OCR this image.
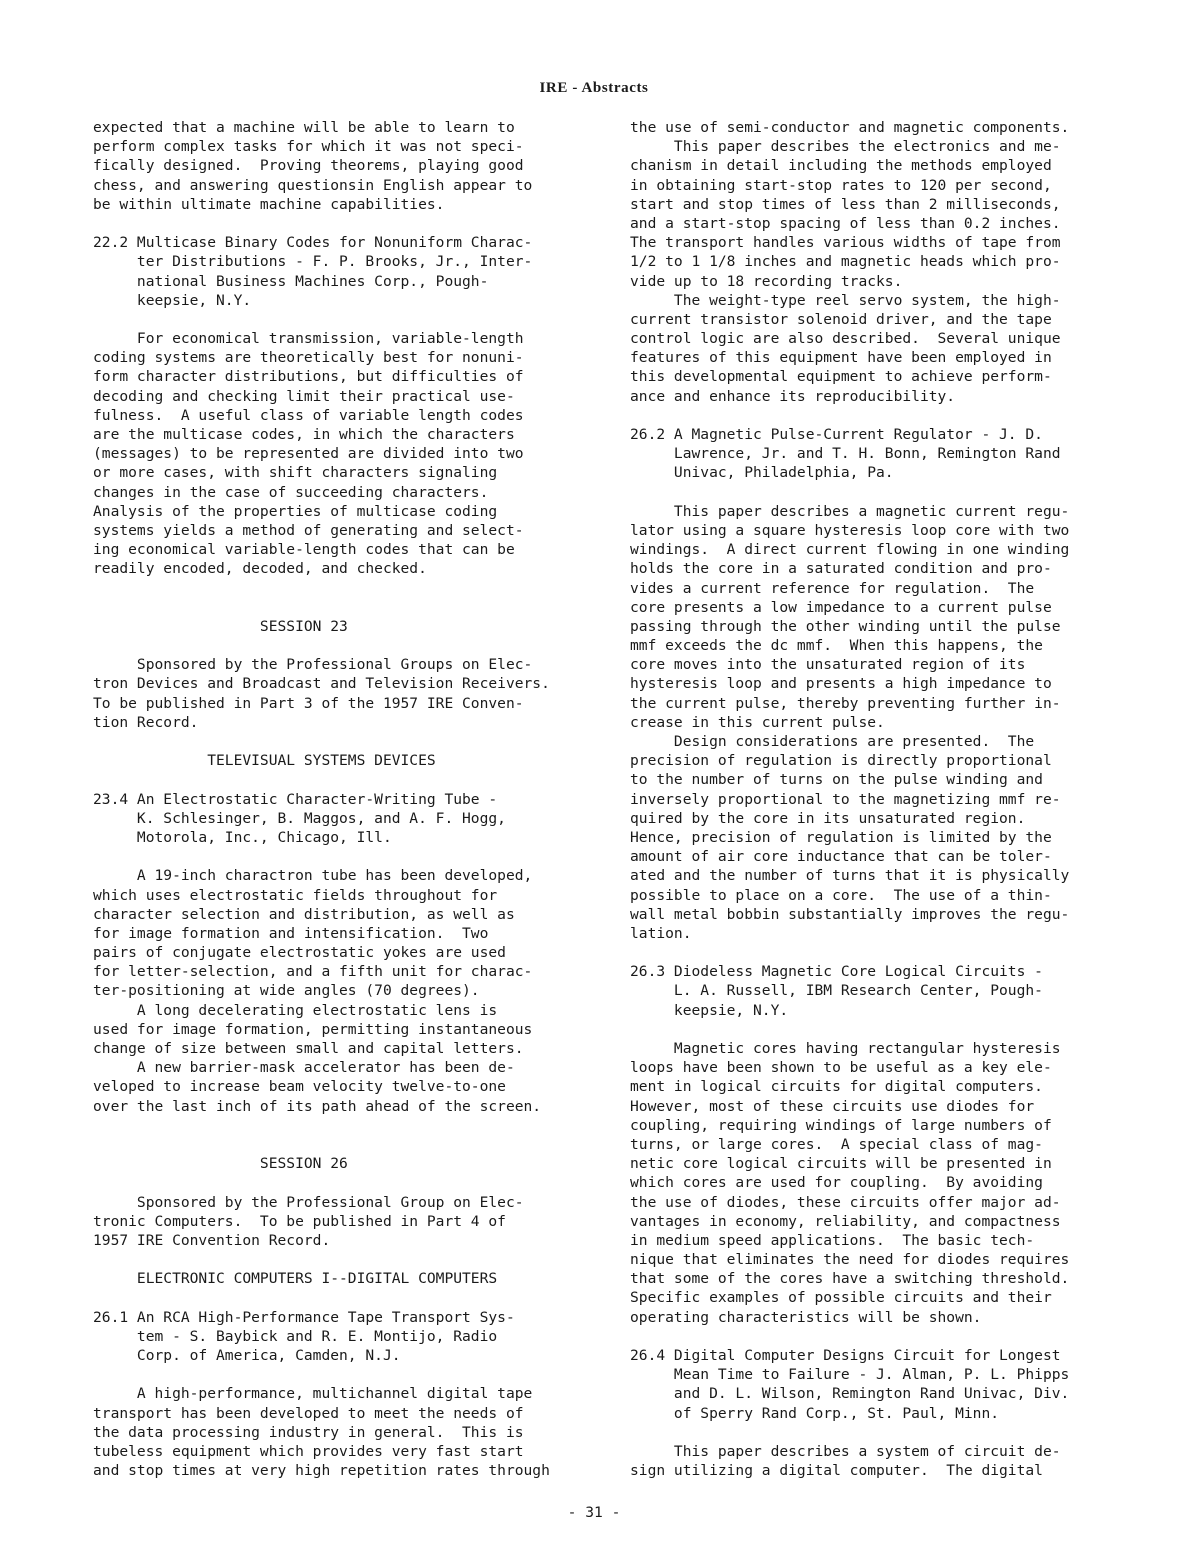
IRE - Abstracts
expected that a machine will be able to learn to
perform complex tasks for which it was not speci-
fically designed.  Proving theorems, playing good
chess, and answering questionsin English appear to
be within ultimate machine capabilities.
22.2 Multicase Binary Codes for Nonuniform Charac-
ter Distributions - F. P. Brooks, Jr., Inter-
national Business Machines Corp., Pough-
keepsie, N.Y.
For economical transmission, variable-length
coding systems are theoretically best for nonuni-
form character distributions, but difficulties of
decoding and checking limit their practical use-
fulness.  A useful class of variable length codes
are the multicase codes, in which the characters
(messages) to be represented are divided into two
or more cases, with shift characters signaling
changes in the case of succeeding characters.
Analysis of the properties of multicase coding
systems yields a method of generating and select-
ing economical variable-length codes that can be
readily encoded, decoded, and checked.
SESSION 23
Sponsored by the Professional Groups on Elec-
tron Devices and Broadcast and Television Receivers.
To be published in Part 3 of the 1957 IRE Conven-
tion Record.
TELEVISUAL SYSTEMS DEVICES
23.4 An Electrostatic Character-Writing Tube -
K. Schlesinger, B. Maggos, and A. F. Hogg,
Motorola, Inc., Chicago, Ill.
A 19-inch charactron tube has been developed,
which uses electrostatic fields throughout for
character selection and distribution, as well as
for image formation and intensification.  Two
pairs of conjugate electrostatic yokes are used
for letter-selection, and a fifth unit for charac-
ter-positioning at wide angles (70 degrees).
A long decelerating electrostatic lens is
used for image formation, permitting instantaneous
change of size between small and capital letters.
A new barrier-mask accelerator has been de-
veloped to increase beam velocity twelve-to-one
over the last inch of its path ahead of the screen.
SESSION 26
Sponsored by the Professional Group on Elec-
tronic Computers.  To be published in Part 4 of
1957 IRE Convention Record.
ELECTRONIC COMPUTERS I--DIGITAL COMPUTERS
26.1 An RCA High-Performance Tape Transport Sys-
tem - S. Baybick and R. E. Montijo, Radio
Corp. of America, Camden, N.J.
A high-performance, multichannel digital tape
transport has been developed to meet the needs of
the data processing industry in general.  This is
tubeless equipment which provides very fast start
and stop times at very high repetition rates through
the use of semi-conductor and magnetic components.
This paper describes the electronics and me-
chanism in detail including the methods employed
in obtaining start-stop rates to 120 per second,
start and stop times of less than 2 milliseconds,
and a start-stop spacing of less than 0.2 inches.
The transport handles various widths of tape from
1/2 to 1 1/8 inches and magnetic heads which pro-
vide up to 18 recording tracks.
The weight-type reel servo system, the high-
current transistor solenoid driver, and the tape
control logic are also described.  Several unique
features of this equipment have been employed in
this developmental equipment to achieve perform-
ance and enhance its reproducibility.
26.2 A Magnetic Pulse-Current Regulator - J. D.
Lawrence, Jr. and T. H. Bonn, Remington Rand
Univac, Philadelphia, Pa.
This paper describes a magnetic current regu-
lator using a square hysteresis loop core with two
windings.  A direct current flowing in one winding
holds the core in a saturated condition and pro-
vides a current reference for regulation.  The
core presents a low impedance to a current pulse
passing through the other winding until the pulse
mmf exceeds the dc mmf.  When this happens, the
core moves into the unsaturated region of its
hysteresis loop and presents a high impedance to
the current pulse, thereby preventing further in-
crease in this current pulse.
Design considerations are presented.  The
precision of regulation is directly proportional
to the number of turns on the pulse winding and
inversely proportional to the magnetizing mmf re-
quired by the core in its unsaturated region.
Hence, precision of regulation is limited by the
amount of air core inductance that can be toler-
ated and the number of turns that it is physically
possible to place on a core.  The use of a thin-
wall metal bobbin substantially improves the regu-
lation.
26.3 Diodeless Magnetic Core Logical Circuits -
L. A. Russell, IBM Research Center, Pough-
keepsie, N.Y.
Magnetic cores having rectangular hysteresis
loops have been shown to be useful as a key ele-
ment in logical circuits for digital computers.
However, most of these circuits use diodes for
coupling, requiring windings of large numbers of
turns, or large cores.  A special class of mag-
netic core logical circuits will be presented in
which cores are used for coupling.  By avoiding
the use of diodes, these circuits offer major ad-
vantages in economy, reliability, and compactness
in medium speed applications.  The basic tech-
nique that eliminates the need for diodes requires
that some of the cores have a switching threshold.
Specific examples of possible circuits and their
operating characteristics will be shown.
26.4 Digital Computer Designs Circuit for Longest
Mean Time to Failure - J. Alman, P. L. Phipps
and D. L. Wilson, Remington Rand Univac, Div.
of Sperry Rand Corp., St. Paul, Minn.
This paper describes a system of circuit de-
sign utilizing a digital computer.  The digital
- 31 -
